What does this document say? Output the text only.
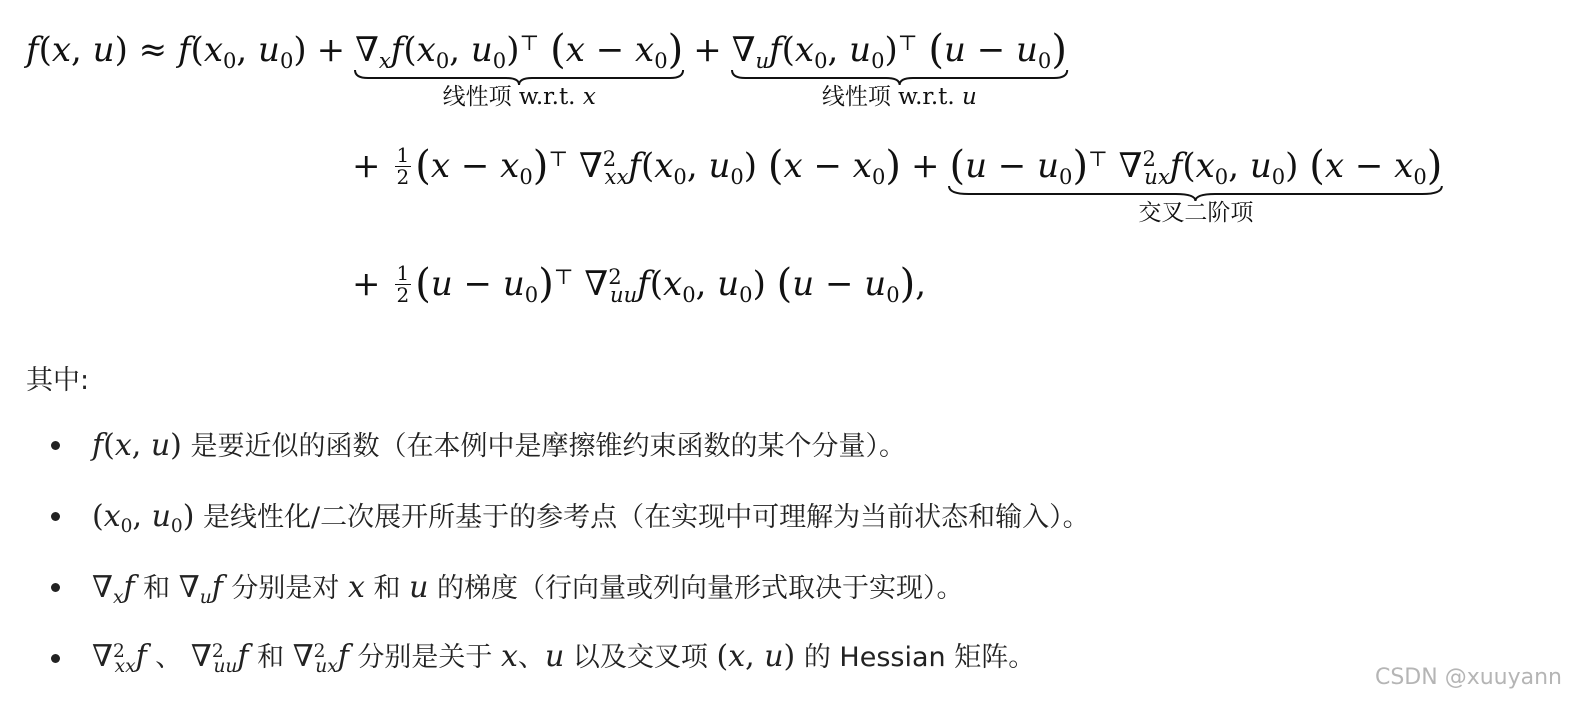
f(x, $u) \approx f(x_0$, $u_0) + \nabla_xf(x_0$, $u_0)^⊤$ $(x - x_0)$
线性项 w.r.t. x
+ $\nabla_uf(x_0$, $u_0)^⊤$ $(u - u_0)$
线性项 w.r.t. u
+ $\frac{1}{2} (x - x_0)^⊤$ $\nabla^2_{xx}f(x_0$, $u_0$) $(x - x_0) + (u - u_0)^⊤$ $\nabla^2_{ux}f(x_0$, $u_0$) $(x - x_0)$
交叉二阶项
+ $\frac{1}{2} (u - u_0)^⊤$ $\nabla^2_{uu}f(x_0$, $u_0$) $(u - u_0)$,
其中:
f(x, u) 是要近似的函数（在本例中是摩擦锥约束函数的某个分量）。
($x_0$, $u_0$) 是线性化/二次展开所基于的参考点（在实现中可理解为当前状态和输入）。
$\nabla_xf$ 和 $\nabla_uf$ 分别是对 x 和 u 的梯度（行向量或列向量形式取决于实现）。
∇$^2_{xx}$f 、 ∇$^2_{uu}$f 和 ∇$^2_{ux}$f 分别是关于 x、u 以及交叉项 (x, u) 的 Hessian 矩阵。
CSDN @xuuyann
